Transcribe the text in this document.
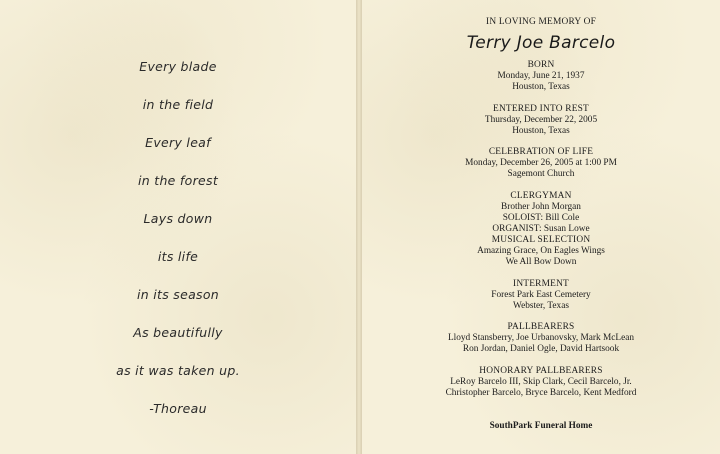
Every blade
in the field
Every leaf
in the forest
Lays down
its life
in its season
As beautifully
as it was taken up.
-Thoreau
IN LOVING MEMORY OF
Terry Joe Barcelo
BORN
Monday, June 21, 1937
Houston, Texas
ENTERED INTO REST
Thursday, December 22, 2005
Houston, Texas
CELEBRATION OF LIFE
Monday, December 26, 2005 at 1:00 PM
Sagemont Church
CLERGYMAN
Brother John Morgan
SOLOIST: Bill Cole
ORGANIST: Susan Lowe
MUSICAL SELECTION
Amazing Grace, On Eagles Wings
We All Bow Down
INTERMENT
Forest Park East Cemetery
Webster, Texas
PALLBEARERS
Lloyd Stansberry, Joe Urbanovsky, Mark McLean
Ron Jordan, Daniel Ogle, David Hartsook
HONORARY PALLBEARERS
LeRoy Barcelo III, Skip Clark, Cecil Barcelo, Jr.
Christopher Barcelo, Bryce Barcelo, Kent Medford
SouthPark Funeral Home
